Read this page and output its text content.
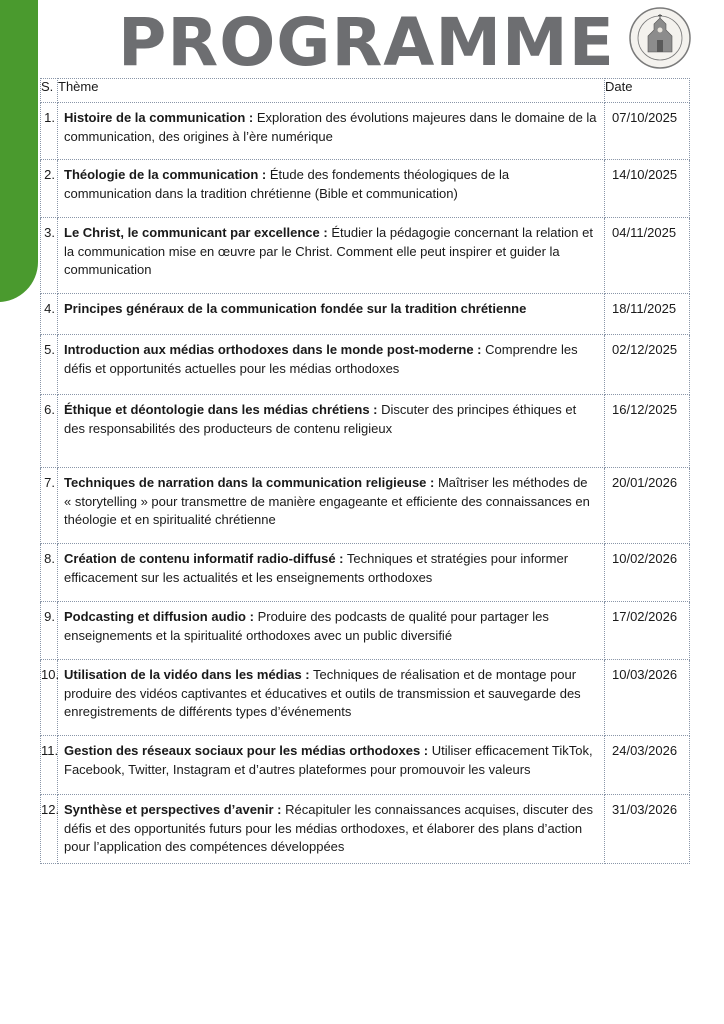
PROGRAMME
S.	Thème	Date
1.	Histoire de la communication : Exploration des évolutions majeures dans le domaine de la communication, des origines à l’ère numérique	07/10/2025
2.	Théologie de la communication : Étude des fondements théologiques de la communication dans la tradition chrétienne (Bible et communication)	14/10/2025
3.	Le Christ, le communicant par excellence : Étudier la pédagogie concernant la relation et la communication mise en œuvre par le Christ. Comment elle peut inspirer et guider la communication	04/11/2025
4.	Principes généraux de la communication fondée sur la tradition chrétienne	18/11/2025
5.	Introduction aux médias orthodoxes dans le monde post-moderne : Comprendre les défis et opportunités actuelles pour les médias orthodoxes	02/12/2025
6.	Éthique et déontologie dans les médias chrétiens : Discuter des principes éthiques et des responsabilités des producteurs de contenu religieux	16/12/2025
7.	Techniques de narration dans la communication religieuse : Maîtriser les méthodes de « storytelling » pour transmettre de manière engageante et efficiente des connaissances en théologie et en spiritualité chrétienne	20/01/2026
8.	Création de contenu informatif radio-diffusé : Techniques et stratégies pour informer efficacement sur les actualités et les enseignements orthodoxes	10/02/2026
9.	Podcasting et diffusion audio : Produire des podcasts de qualité pour partager les enseignements et la spiritualité orthodoxes avec un public diversifié	17/02/2026
10.	Utilisation de la vidéo dans les médias : Techniques de réalisation et de montage pour produire des vidéos captivantes et éducatives et outils de transmission et sauvegarde des enregistrements de différents types d’événements	10/03/2026
11.	Gestion des réseaux sociaux pour les médias orthodoxes : Utiliser efficacement TikTok, Facebook, Twitter, Instagram et d’autres plateformes pour promouvoir les valeurs	24/03/2026
12.	Synthèse et perspectives d’avenir : Récapituler les connaissances acquises, discuter des défis et des opportunités futurs pour les médias orthodoxes, et élaborer des plans d’action pour l’application des compétences développées	31/03/2026
